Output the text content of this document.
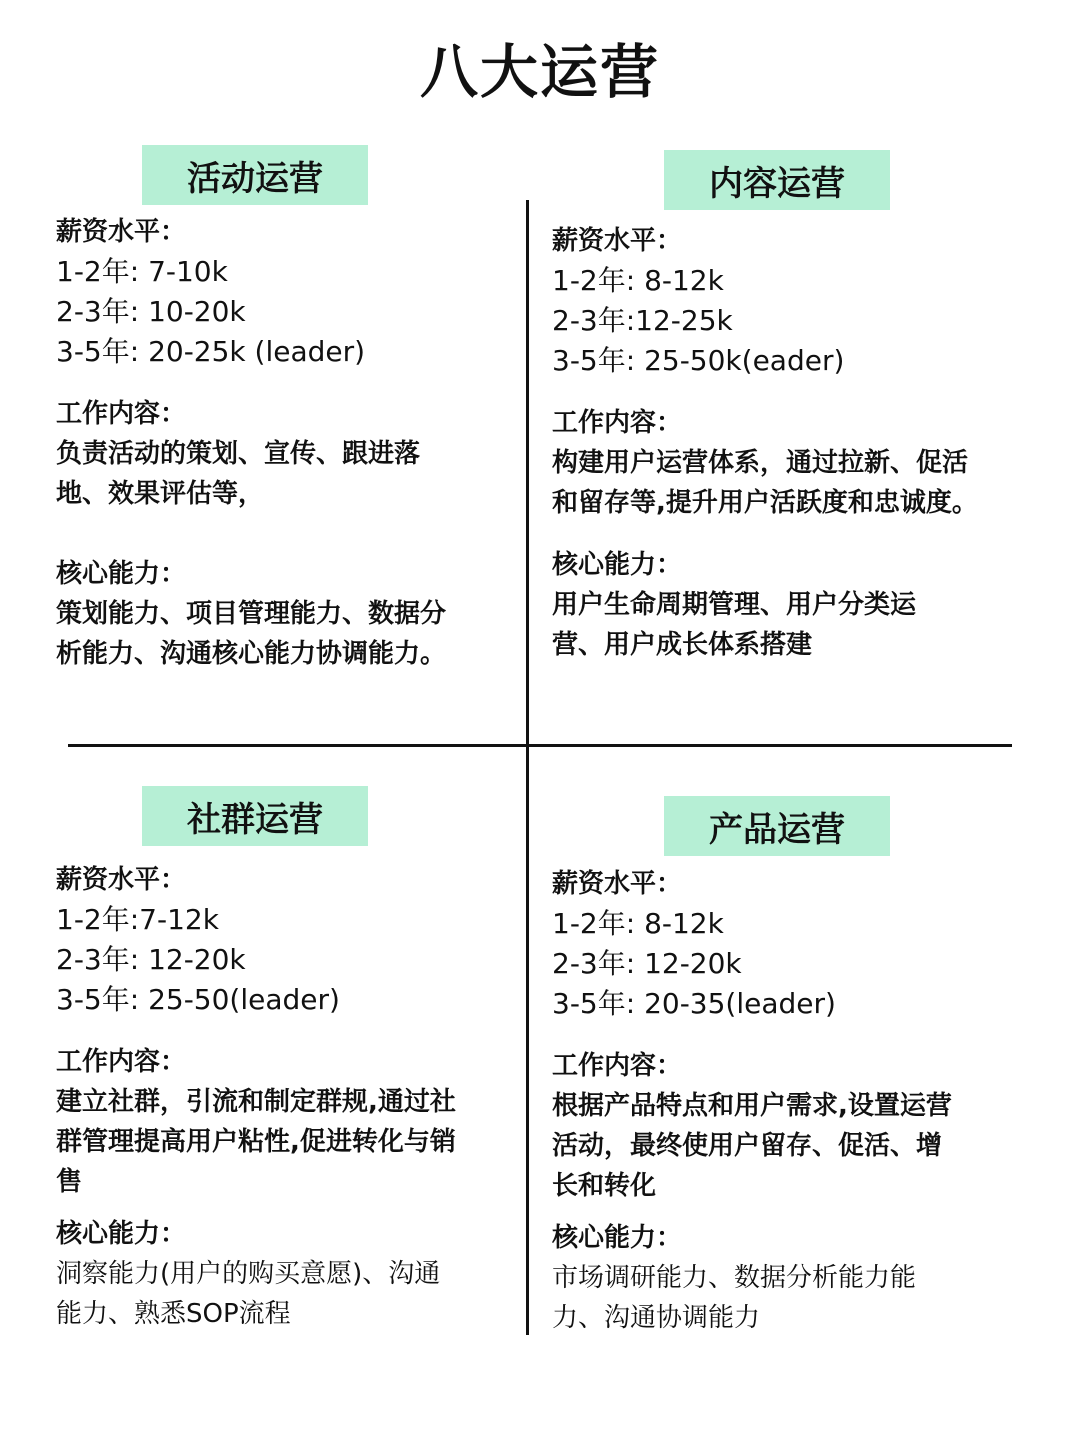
八大运营
活动运营
薪资水平：
1-2年: 7-10k
2-3年: 10-20k
3-5年: 20-25k (leader)
工作内容：
负责活动的策划、宣传、跟进落
地、效果评估等，
核心能力：
策划能力、项目管理能力、数据分
析能力、沟通核心能力协调能力。
内容运营
薪资水平：
1-2年: 8-12k
2-3年:12-25k
3-5年: 25-50k(eader)
工作内容：
构建用户运营体系，通过拉新、促活
和留存等,提升用户活跃度和忠诚度。
核心能力：
用户生命周期管理、用户分类运
营、用户成长体系搭建
社群运营
薪资水平：
1-2年:7-12k
2-3年: 12-20k
3-5年: 25-50(leader)
工作内容：
建立社群，引流和制定群规,通过社
群管理提高用户粘性,促进转化与销
售
核心能力：
洞察能力(用户的购买意愿)、沟通
能力、熟悉SOP流程
产品运营
薪资水平：
1-2年: 8-12k
2-3年: 12-20k
3-5年: 20-35(leader)
工作内容：
根据产品特点和用户需求,设置运营
活动，最终使用户留存、促活、增
长和转化
核心能力：
市场调研能力、数据分析能力能
力、沟通协调能力
